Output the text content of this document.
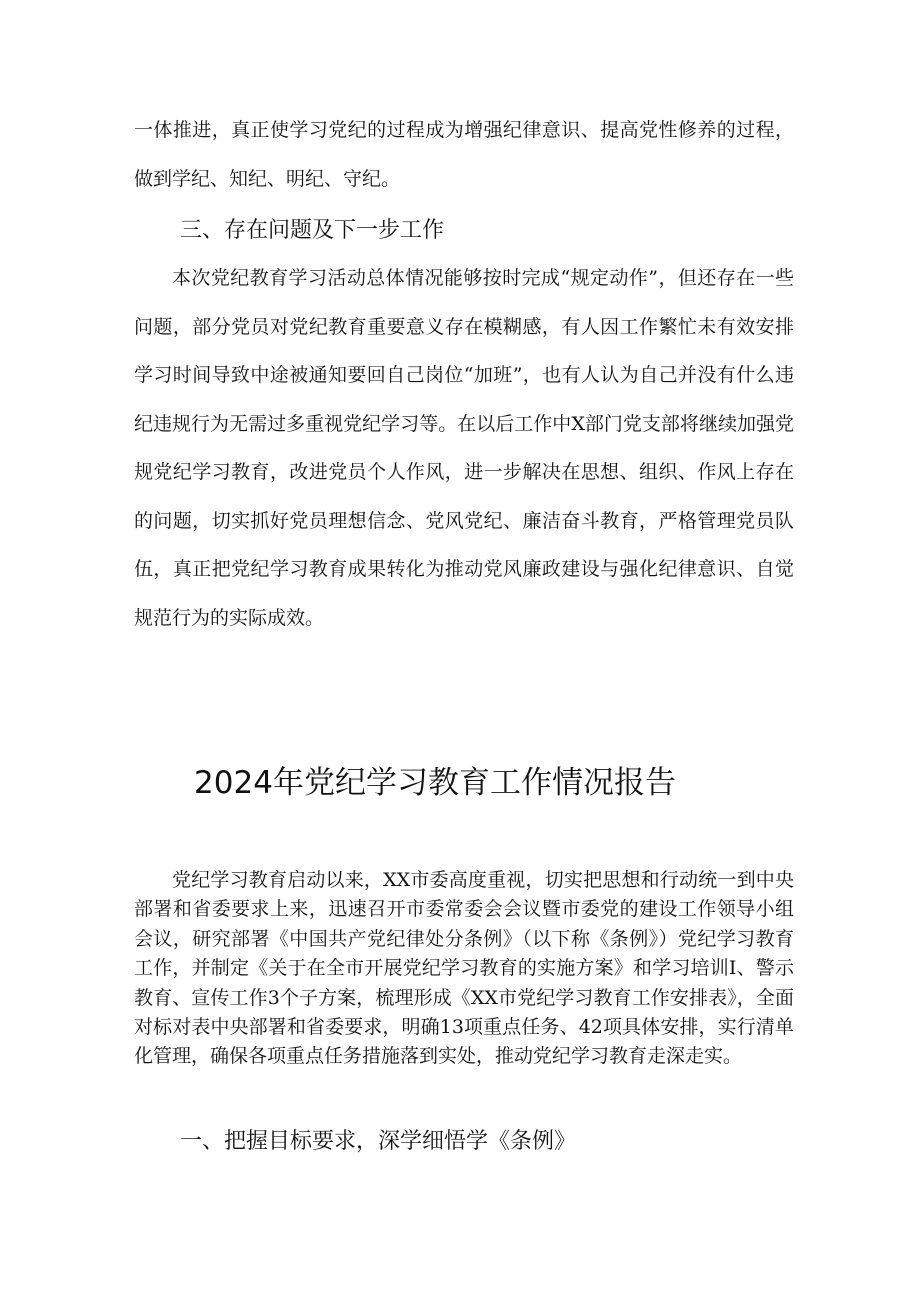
一体推进，真正使学习党纪的过程成为增强纪律意识、提高党性修养的过程，做到学纪、知纪、明纪、守纪。

三、存在问题及下一步工作

本次党纪教育学习活动总体情况能够按时完成“规定动作”，但还存在一些问题，部分党员对党纪教育重要意义存在模糊感，有人因工作繁忙未有效安排学习时间导致中途被通知要回自己岗位“加班”，也有人认为自己并没有什么违纪违规行为无需过多重视党纪学习等。在以后工作中X部门党支部将继续加强党规党纪学习教育，改进党员个人作风，进一步解决在思想、组织、作风上存在的问题，切实抓好党员理想信念、党风党纪、廉洁奋斗教育，严格管理党员队伍，真正把党纪学习教育成果转化为推动党风廉政建设与强化纪律意识、自觉规范行为的实际成效。

2024年党纪学习教育工作情况报告

党纪学习教育启动以来，XX市委高度重视，切实把思想和行动统一到中央部署和省委要求上来，迅速召开市委常委会会议暨市委党的建设工作领导小组会议，研究部署《中国共产党纪律处分条例》（以下称《条例》）党纪学习教育工作，并制定《关于在全市开展党纪学习教育的实施方案》和学习培训I、警示教育、宣传工作3个子方案，梳理形成《XX市党纪学习教育工作安排表》，全面对标对表中央部署和省委要求，明确13项重点任务、42项具体安排，实行清单化管理，确保各项重点任务措施落到实处，推动党纪学习教育走深走实。

一、把握目标要求，深学细悟学《条例》
